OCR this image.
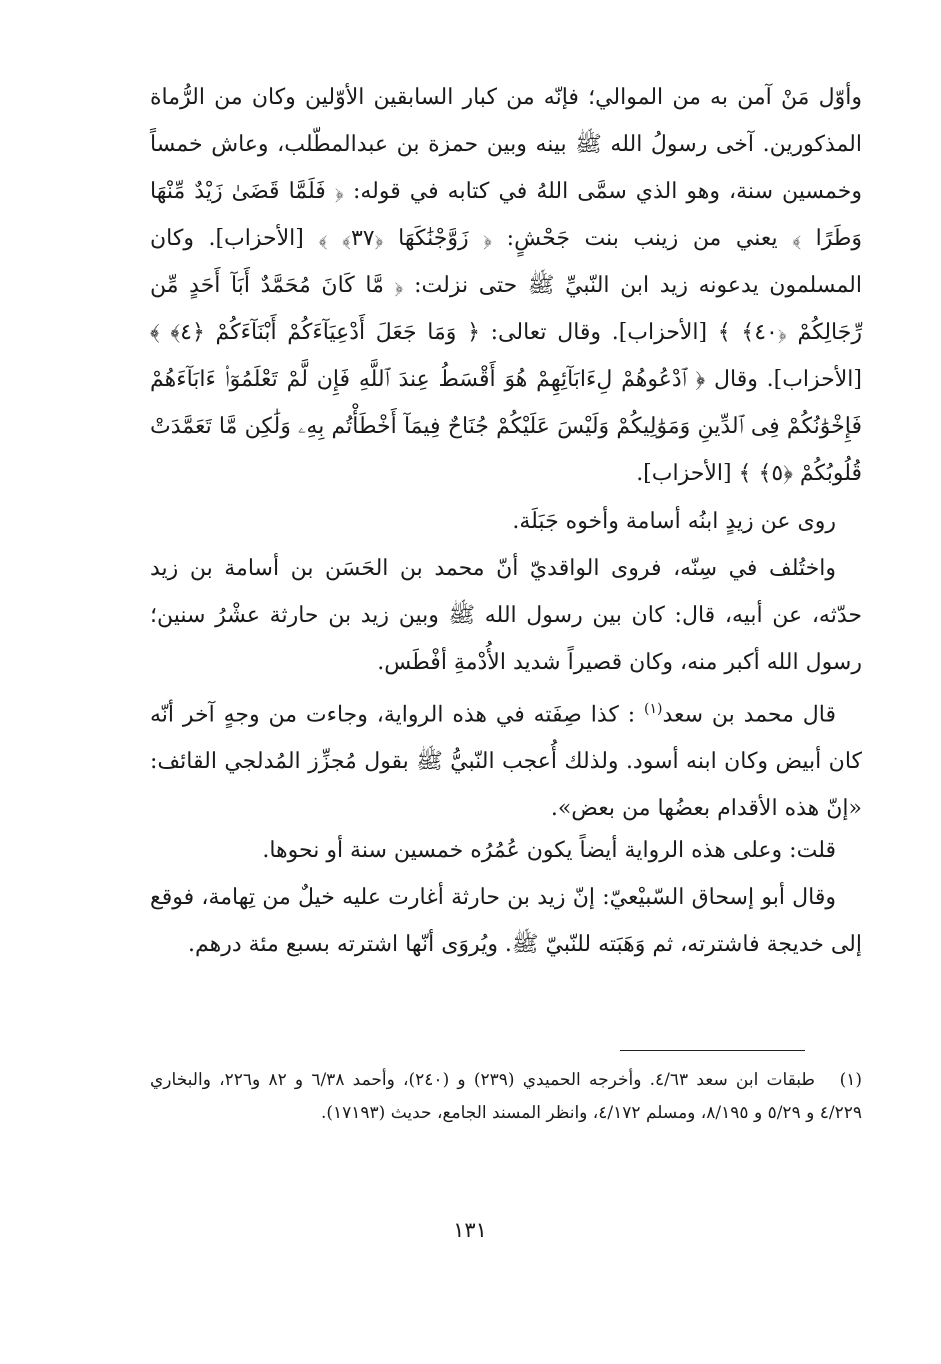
وأوّل مَنْ آمن به من الموالي؛ فإنّه من كبار السابقين الأوّلين وكان من الرُّماة المذكورين. آخى رسولُ الله ﷺ بينه وبين حمزة بن عبدالمطّلب، وعاش خمساً وخمسين سنة، وهو الذي سمَّى اللهُ في كتابه في قوله: ﴿ فَلَمَّا قَضَىٰ زَيْدٌ مِّنْهَا وَطَرًا ﴾ يعني من زينب بنت جَحْشٍ: ﴿ زَوَّجْنَٰكَهَا ﴿٣٧﴾ ﴾ [الأحزاب]. وكان المسلمون يدعونه زيد ابن النّبيِّ ﷺ حتى نزلت: ﴿ مَّا كَانَ مُحَمَّدٌ أَبَآ أَحَدٍ مِّن رِّجَالِكُمْ ﴿٤٠﴾ ﴾ [الأحزاب]. وقال تعالى: ﴿ وَمَا جَعَلَ أَدْعِيَآءَكُمْ أَبْنَآءَكُمْ ﴿٤﴾ ﴾ [الأحزاب]. وقال ﴿ ٱدْعُوهُمْ لِءَابَآئِهِمْ هُوَ أَقْسَطُ عِندَ ٱللَّهِ فَإِن لَّمْ تَعْلَمُوٓا۟ ءَابَآءَهُمْ فَإِخْوَٰنُكُمْ فِى ٱلدِّينِ وَمَوَٰلِيكُمْ وَلَيْسَ عَلَيْكُمْ جُنَاحٌ فِيمَآ أَخْطَأْتُم بِهِۦ وَلَٰكِن مَّا تَعَمَّدَتْ قُلُوبُكُمْ ﴿٥﴾ ﴾ [الأحزاب].

روى عن زيدٍ ابنُه أسامة وأخوه جَبَلَة.

واختُلف في سِنّه، فروى الواقديّ أنّ محمد بن الحَسَن بن أسامة بن زيد حدّثه، عن أبيه، قال: كان بين رسول الله ﷺ وبين زيد بن حارثة عشْرُ سنين؛ رسول الله أكبر منه، وكان قصيراً شديد الأُدْمةِ أفْطَس.

قال محمد بن سعد$^{(١)}$ : كذا صِفَته في هذه الرواية، وجاءت من وجهٍ آخر أنّه كان أبيض وكان ابنه أسود. ولذلك أُعجب النّبيُّ ﷺ بقول مُجزِّز المُدلجي القائف: «إنّ هذه الأقدام بعضُها من بعض».

قلت: وعلى هذه الرواية أيضاً يكون عُمُرُه خمسين سنة أو نحوها.

وقال أبو إسحاق السّبيْعيّ: إنّ زيد بن حارثة أغارت عليه خيلٌ من تِهامة، فوقع إلى خديجة فاشترته، ثم وَهَبَته للنّبيّ ﷺ. ويُروَى أنّها اشترته بسبع مئة درهم.

(١)   طبقات ابن سعد ٤/٦٣. وأخرجه الحميدي (٢٣٩) و (٢٤٠)، وأحمد ٦/٣٨ و ٨٢ و٢٢٦، والبخاري ٤/٢٢٩ و ٥/٢٩ و ٨/١٩٥، ومسلم ٤/١٧٢، وانظر المسند الجامع، حديث (١٧١٩٣).

١٣١
